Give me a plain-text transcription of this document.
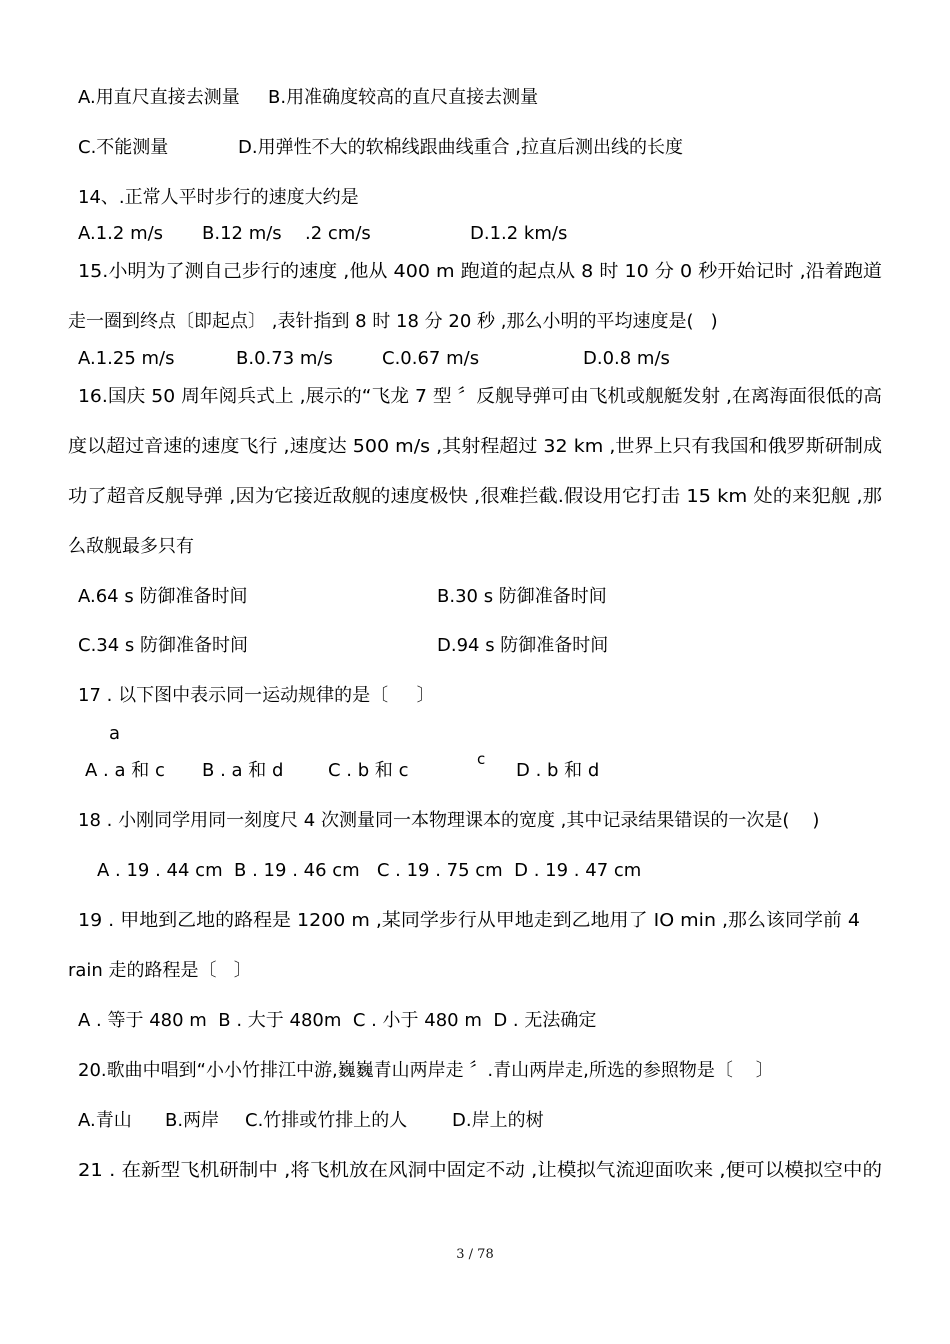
A.用直尺直接去测量 B.用准确度较高的直尺直接去测量
C.不能测量	D.用弹性不大的软棉线跟曲线重合 ,拉直后测出线的长度
14、.正常人平时步行的速度大约是
A.1.2 m/s B.12 m/s .2 cm/s	D.1.2 km/s

15.小明为了测自己步行的速度 ,他从 400 m 跑道的起点从 8 时 10 分 0 秒开始记时 ,沿着跑道

走一圈到终点〔即起点〕 ,表针指到 8 时 18 分 20 秒 ,那么小明的平均速度是(   )
A.1.25 m/s	B.0.73 m/s	C.0.67 m/s	D.0.8 m/s

16.国庆 50 周年阅兵式上 ,展示的“飞龙 7 型 〞反舰导弹可由飞机或舰艇发射 ,在离海面很低的高

度以超过音速的速度飞行 ,速度达 500 m/s ,其射程超过 32 km ,世界上只有我国和俄罗斯研制成

功了超音反舰导弹 ,因为它接近敌舰的速度极快 ,很难拦截.假设用它打击 15 km 处的来犯舰 ,那

么敌舰最多只有
A.64 s 防御准备时间	B.30 s 防御准备时间
C.34 s 防御准备时间	D.94 s 防御准备时间
17 . 以下图中表示同一运动规律的是〔     〕
a
c
A . a 和 c B . a 和 d C . b 和 c	D . b 和 d
18 . 小刚同学用同一刻度尺 4 次测量同一本物理课本的宽度 ,其中记录结果错误的一次是(    )
A . 19 . 44 cm  B . 19 . 46 cm   C . 19 . 75 cm  D . 19 . 47 cm

19 . 甲地到乙地的路程是 1200 m ,某同学步行从甲地走到乙地用了 IO min ,那么该同学前 4

rain 走的路程是〔   〕
A . 等于 480 m  B . 大于 480m  C . 小于 480 m  D . 无法确定
20.歌曲中唱到“小小竹排江中游,巍巍青山两岸走 〞.青山两岸走,所选的参照物是〔    〕
A.青山 B.两岸 C.竹排或竹排上的人 D.岸上的树

21 . 在新型飞机研制中 ,将飞机放在风洞中固定不动 ,让模拟气流迎面吹来 ,便可以模拟空中的

3 / 78
